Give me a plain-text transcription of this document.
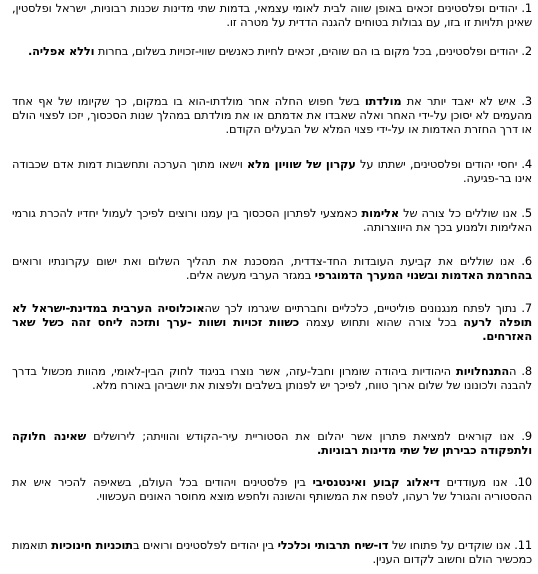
1. יהודים ופלסטינים זכאים באופן שווה לבית לאומי עצמאי, בדמות שתי מדינות שכנות רבוניות, ישראל ופלסטין, שאינן תלויות זו בזו, עם גבולות בטוחים להגנה הדדית על מטרה זו.
2. יהודים ופלסטינים, בכל מקום בו הם שוהים, זכאים לחיות כאנשים שווי-זכויות בשלום, בחרות וללא אפליה.
3. איש לא יאבד יותר את מולדתו בשל חפוש החלה אחר מולדתו-הוא בו במקום, כך שקיומו של אף אחד מהעמים לא יסוכן על-ידי האחר ואלה שאבדו את אדמתם או את מולדתם במהלך שנות הסכסוך, יזכו לפצוי הולם או דרך החזרת האדמות או על-ידי פצוי המלא של הבעלים הקודם.
4. יחסי יהודים ופלסטינים, ישתתו על עקרון של שוויון מלא וישאו מתוך הערכה ותחשבות דמות אדם שכבודה אינו בר-פגיעה.
5. אנו שוללים כל צורה של אלימות כאמצעי לפתרון הסכסוך בין עמנו ורוצים לפיכך לעמול יחדיו להכרת גורמי האלימות ולמנוע בכך את היווצרותה.
6. אנו שוללים את קביעת העובדות החד-צדדית, המסכנת את תהליך השלום ואת ישום עקרונתיו ורואים בהחרמת האדמות ובשנוי המערך הדמוגרפי במגזר הערבי מעשה אלים.
7. נתוך לפתח מנגנונים פוליטיים, כלכליים וחברתיים שיגרמו לכך שהאוכלוסיה הערבית במדינת-ישראל לא תופלה לרעה בכל צורה שהוא ותחוש עצמה כשוות זכויות ושוות -ערך ותזכה ליחס זהה כשל שאר האזרחים.
8. ההתנחלויות היהודיות ביהודה שומרון וחבל-עזה, אשר נוצרו בניגוד לחוק הבין-לאומי, מהוות מכשול בדרך להבנה ולכונונו של שלום ארוך טווח, לפיכך יש לפנותן בשלבים ולפצות את יושביהן באורח מלא.
9. אנו קוראים למציאת פתרון אשר יהלום את הסטוריית עיר-הקודש והוויתה; לירושלים שאינה חלוקה ולתפקודה כבירתן של שתי מדינות רבוניות.
10. אנו מעודדים דיאלוג קבוע ואינטנסיבי בין פלסטינים ויהודים בכל העולם, בשאיפה להכיר איש את ההסטוריה והגורל של רעהו, לטפח את המשותף והשונה ולחפש מוצא מחוסר האונים העכשווי.
11. אנו שוקדים על פתוחו של דו-שיח תרבותי וכלכלי בין יהודים לפלסטינים ורואים בתוכניות חינוכיות תואמות כמכשיר הולם וחשוב לקדום הענין.
